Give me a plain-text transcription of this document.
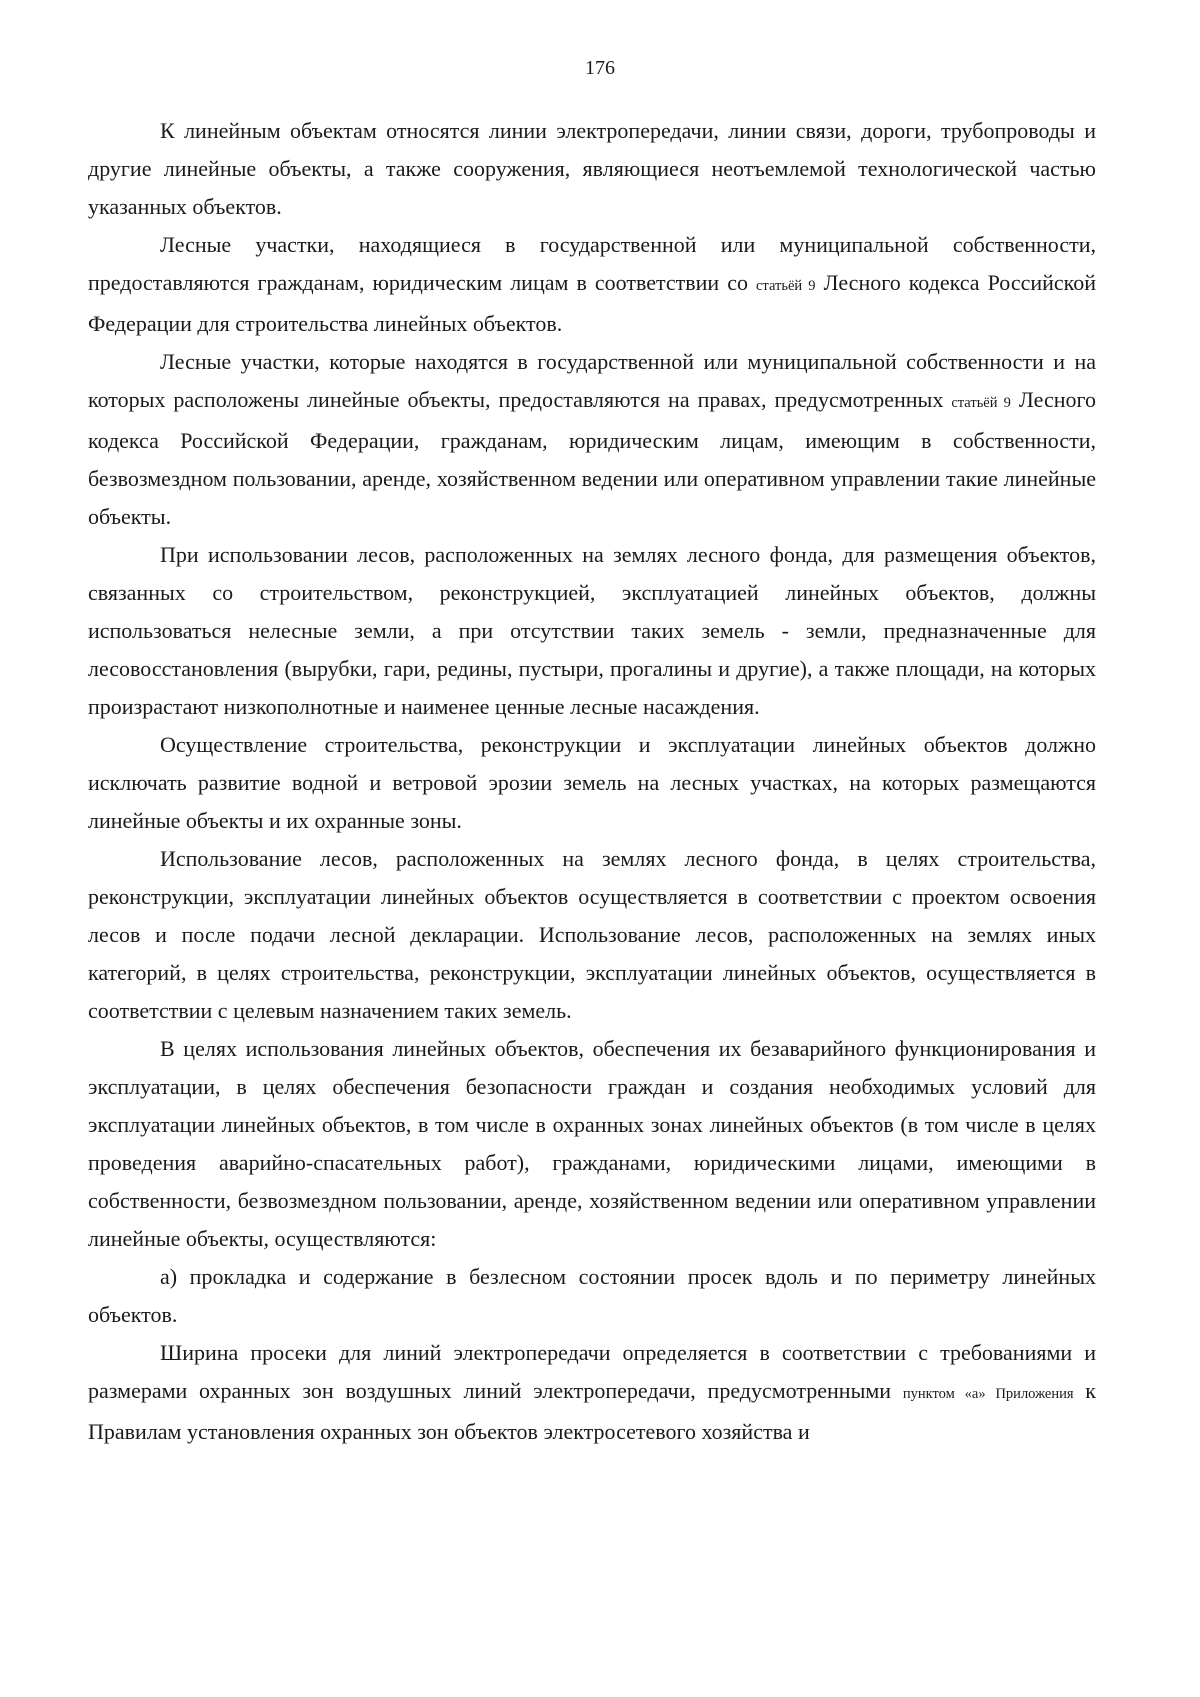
176

К линейным объектам относятся линии электропередачи, линии связи, дороги, трубопроводы и другие линейные объекты, а также сооружения, являющиеся неотъемлемой технологической частью указанных объектов.

Лесные участки, находящиеся в государственной или муниципальной собственности, предоставляются гражданам, юридическим лицам в соответствии со статьёй 9 Лесного кодекса Российской Федерации для строительства линейных объектов.

Лесные участки, которые находятся в государственной или муниципальной собственности и на которых расположены линейные объекты, предоставляются на правах, предусмотренных статьёй 9 Лесного кодекса Российской Федерации, гражданам, юридическим лицам, имеющим в собственности, безвозмездном пользовании, аренде, хозяйственном ведении или оперативном управлении такие линейные объекты.

При использовании лесов, расположенных на землях лесного фонда, для размещения объектов, связанных со строительством, реконструкцией, эксплуатацией линейных объектов, должны использоваться нелесные земли, а при отсутствии таких земель - земли, предназначенные для лесовосстановления (вырубки, гари, редины, пустыри, прогалины и другие), а также площади, на которых произрастают низкополнотные и наименее ценные лесные насаждения.

Осуществление строительства, реконструкции и эксплуатации линейных объектов должно исключать развитие водной и ветровой эрозии земель на лесных участках, на которых размещаются линейные объекты и их охранные зоны.

Использование лесов, расположенных на землях лесного фонда, в целях строительства, реконструкции, эксплуатации линейных объектов осуществляется в соответствии с проектом освоения лесов и после подачи лесной декларации. Использование лесов, расположенных на землях иных категорий, в целях строительства, реконструкции, эксплуатации линейных объектов, осуществляется в соответствии с целевым назначением таких земель.

В целях использования линейных объектов, обеспечения их безаварийного функционирования и эксплуатации, в целях обеспечения безопасности граждан и создания необходимых условий для эксплуатации линейных объектов, в том числе в охранных зонах линейных объектов (в том числе в целях проведения аварийно-спасательных работ), гражданами, юридическими лицами, имеющими в собственности, безвозмездном пользовании, аренде, хозяйственном ведении или оперативном управлении линейные объекты, осуществляются:

а) прокладка и содержание в безлесном состоянии просек вдоль и по периметру линейных объектов.

Ширина просеки для линий электропередачи определяется в соответствии с требованиями и размерами охранных зон воздушных линий электропередачи, предусмотренными пунктом «а» Приложения к Правилам установления охранных зон объектов электросетевого хозяйства и
